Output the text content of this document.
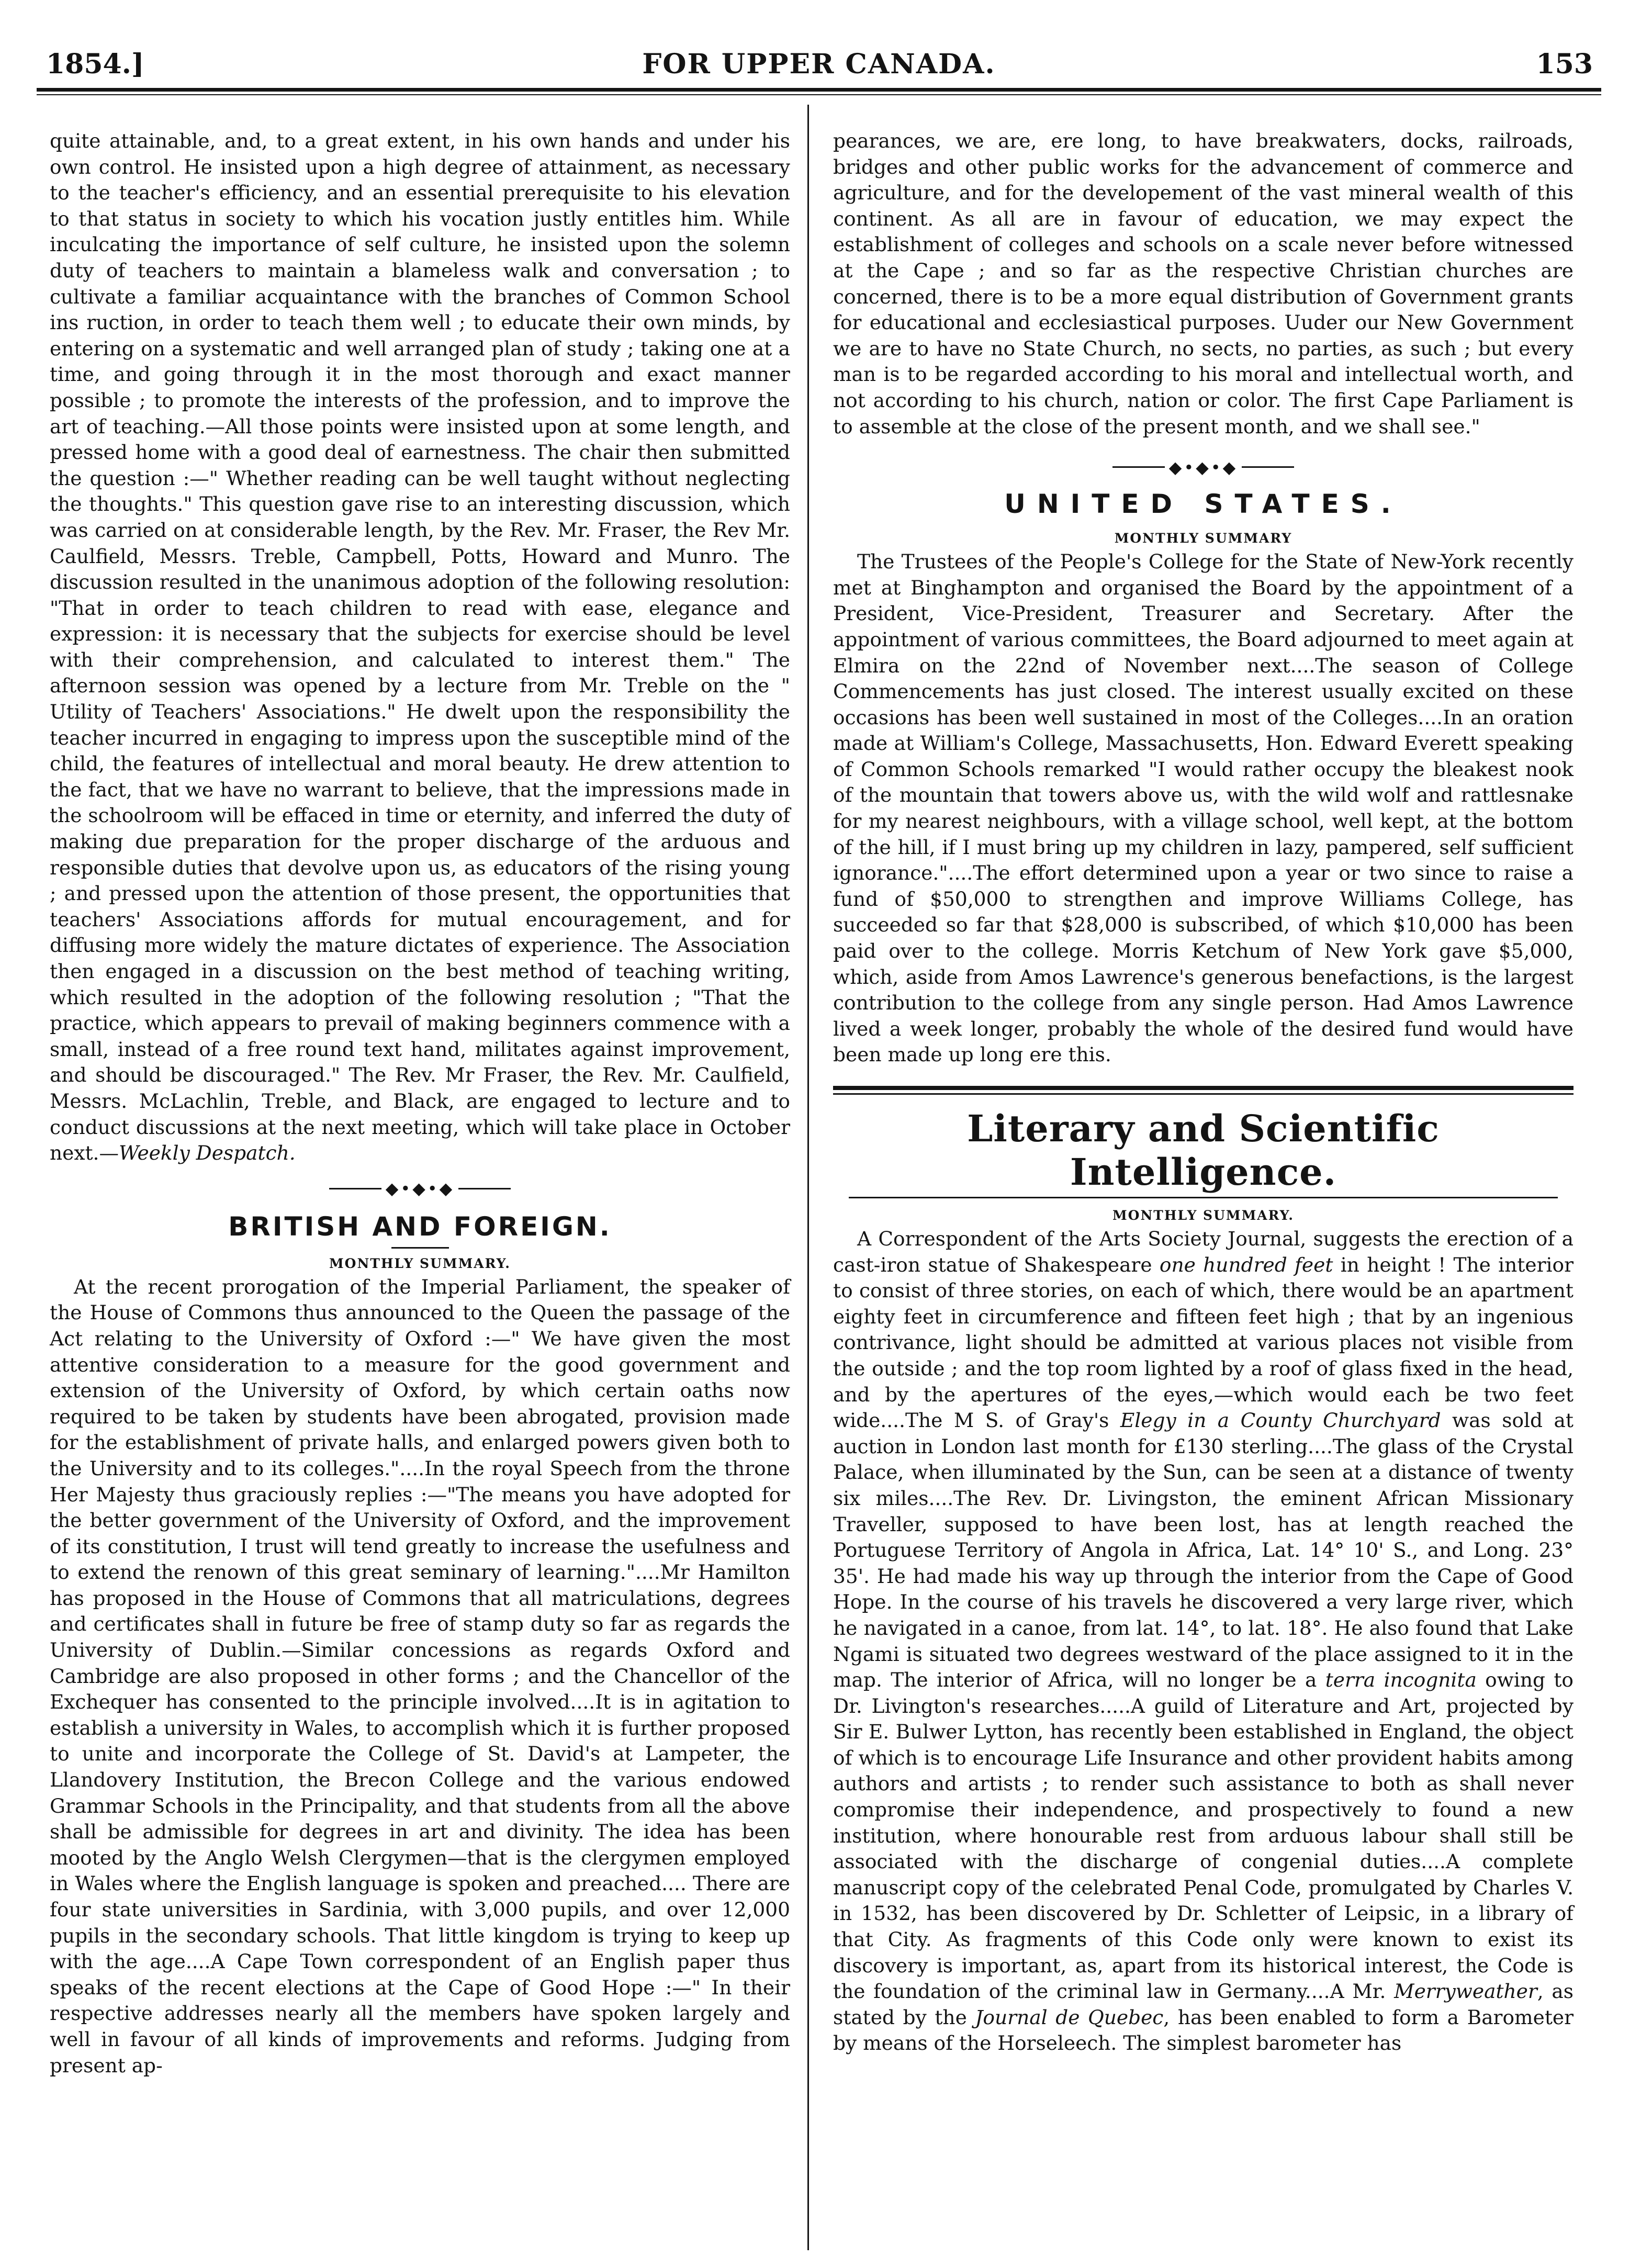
1854.]	FOR UPPER CANADA.	153

quite attainable, and, to a great extent, in his own hands and under his own control. He insisted upon a high degree of attainment, as necessary to the teacher's efficiency, and an essential prerequisite to his elevation to that status in society to which his vocation justly entitles him. While inculcating the importance of self culture, he insisted upon the solemn duty of teachers to maintain a blameless walk and conversation ; to cultivate a familiar acquaintance with the branches of Common School ins ruction, in order to teach them well ; to educate their own minds, by entering on a systematic and well arranged plan of study ; taking one at a time, and going through it in the most thorough and exact manner possible ; to promote the interests of the profession, and to improve the art of teaching.—All those points were insisted upon at some length, and pressed home with a good deal of earnestness. The chair then submitted the question :—" Whether reading can be well taught without neglecting the thoughts." This question gave rise to an interesting discussion, which was carried on at considerable length, by the Rev. Mr. Fraser, the Rev Mr. Caulfield, Messrs. Treble, Campbell, Potts, Howard and Munro. The discussion resulted in the unanimous adoption of the following resolution: "That in order to teach children to read with ease, elegance and expression: it is necessary that the subjects for exercise should be level with their comprehension, and calculated to interest them." The afternoon session was opened by a lecture from Mr. Treble on the " Utility of Teachers' Associations." He dwelt upon the responsibility the teacher incurred in engaging to impress upon the susceptible mind of the child, the features of intellectual and moral beauty. He drew attention to the fact, that we have no warrant to believe, that the impressions made in the schoolroom will be effaced in time or eternity, and inferred the duty of making due preparation for the proper discharge of the arduous and responsible duties that devolve upon us, as educators of the rising young ; and pressed upon the attention of those present, the opportunities that teachers' Associations affords for mutual encouragement, and for diffusing more widely the mature dictates of experience. The Association then engaged in a discussion on the best method of teaching writing, which resulted in the adoption of the following resolution ; "That the practice, which appears to prevail of making beginners commence with a small, instead of a free round text hand, militates against improvement, and should be discouraged." The Rev. Mr Fraser, the Rev. Mr. Caulfield, Messrs. McLachlin, Treble, and Black, are engaged to lecture and to conduct discussions at the next meeting, which will take place in October next.—Weekly Despatch.

◆•◆•◆

BRITISH AND FOREIGN.

MONTHLY SUMMARY.

At the recent prorogation of the Imperial Parliament, the speaker of the House of Commons thus announced to the Queen the passage of the Act relating to the University of Oxford :—" We have given the most attentive consideration to a measure for the good government and extension of the University of Oxford, by which certain oaths now required to be taken by students have been abrogated, provision made for the establishment of private halls, and enlarged powers given both to the University and to its colleges."....In the royal Speech from the throne Her Majesty thus graciously replies :—"The means you have adopted for the better government of the University of Oxford, and the improvement of its constitution, I trust will tend greatly to increase the usefulness and to extend the renown of this great seminary of learning."....Mr Hamilton has proposed in the House of Commons that all matriculations, degrees and certificates shall in future be free of stamp duty so far as regards the University of Dublin.—Similar concessions as regards Oxford and Cambridge are also proposed in other forms ; and the Chancellor of the Exchequer has consented to the principle involved....It is in agitation to establish a university in Wales, to accomplish which it is further proposed to unite and incorporate the College of St. David's at Lampeter, the Llandovery Institution, the Brecon College and the various endowed Grammar Schools in the Principality, and that students from all the above shall be admissible for degrees in art and divinity. The idea has been mooted by the Anglo Welsh Clergymen—that is the clergymen employed in Wales where the English language is spoken and preached.... There are four state universities in Sardinia, with 3,000 pupils, and over 12,000 pupils in the secondary schools. That little kingdom is trying to keep up with the age....A Cape Town correspondent of an English paper thus speaks of the recent elections at the Cape of Good Hope :—" In their respective addresses nearly all the members have spoken largely and well in favour of all kinds of improvements and reforms. Judging from present ap-

pearances, we are, ere long, to have breakwaters, docks, railroads, bridges and other public works for the advancement of commerce and agriculture, and for the developement of the vast mineral wealth of this continent. As all are in favour of education, we may expect the establishment of colleges and schools on a scale never before witnessed at the Cape ; and so far as the respective Christian churches are concerned, there is to be a more equal distribution of Government grants for educational and ecclesiastical purposes. Uuder our New Government we are to have no State Church, no sects, no parties, as such ; but every man is to be regarded according to his moral and intellectual worth, and not according to his church, nation or color. The first Cape Parliament is to assemble at the close of the present month, and we shall see."

◆•◆•◆

UNITED STATES.

MONTHLY SUMMARY

The Trustees of the People's College for the State of New-York recently met at Binghampton and organised the Board by the appointment of a President, Vice-President, Treasurer and Secretary. After the appointment of various committees, the Board adjourned to meet again at Elmira on the 22nd of November next....The season of College Commencements has just closed. The interest usually excited on these occasions has been well sustained in most of the Colleges....In an oration made at William's College, Massachusetts, Hon. Edward Everett speaking of Common Schools remarked "I would rather occupy the bleakest nook of the mountain that towers above us, with the wild wolf and rattlesnake for my nearest neighbours, with a village school, well kept, at the bottom of the hill, if I must bring up my children in lazy, pampered, self sufficient ignorance."....The effort determined upon a year or two since to raise a fund of $50,000 to strengthen and improve Williams College, has succeeded so far that $28,000 is subscribed, of which $10,000 has been paid over to the college. Morris Ketchum of New York gave $5,000, which, aside from Amos Lawrence's generous benefactions, is the largest contribution to the college from any single person. Had Amos Lawrence lived a week longer, probably the whole of the desired fund would have been made up long ere this.

Literary and Scientific Intelligence.

MONTHLY SUMMARY.

A Correspondent of the Arts Society Journal, suggests the erection of a cast-iron statue of Shakespeare one hundred feet in height ! The interior to consist of three stories, on each of which, there would be an apartment eighty feet in circumference and fifteen feet high ; that by an ingenious contrivance, light should be admitted at various places not visible from the outside ; and the top room lighted by a roof of glass fixed in the head, and by the apertures of the eyes,—which would each be two feet wide....The M S. of Gray's Elegy in a County Churchyard was sold at auction in London last month for £130 sterling....The glass of the Crystal Palace, when illuminated by the Sun, can be seen at a distance of twenty six miles....The Rev. Dr. Livingston, the eminent African Missionary Traveller, supposed to have been lost, has at length reached the Portuguese Territory of Angola in Africa, Lat. 14° 10' S., and Long. 23° 35'. He had made his way up through the interior from the Cape of Good Hope. In the course of his travels he discovered a very large river, which he navigated in a canoe, from lat. 14°, to lat. 18°. He also found that Lake Ngami is situated two degrees westward of the place assigned to it in the map. The interior of Africa, will no longer be a terra incognita owing to Dr. Livington's researches.....A guild of Literature and Art, projected by Sir E. Bulwer Lytton, has recently been established in England, the object of which is to encourage Life Insurance and other provident habits among authors and artists ; to render such assistance to both as shall never compromise their independence, and prospectively to found a new institution, where honourable rest from arduous labour shall still be associated with the discharge of congenial duties....A complete manuscript copy of the celebrated Penal Code, promulgated by Charles V. in 1532, has been discovered by Dr. Schletter of Leipsic, in a library of that City. As fragments of this Code only were known to exist its discovery is important, as, apart from its historical interest, the Code is the foundation of the criminal law in Germany....A Mr. Merryweather, as stated by the Journal de Quebec, has been enabled to form a Barometer by means of the Horseleech. The simplest barometer has
